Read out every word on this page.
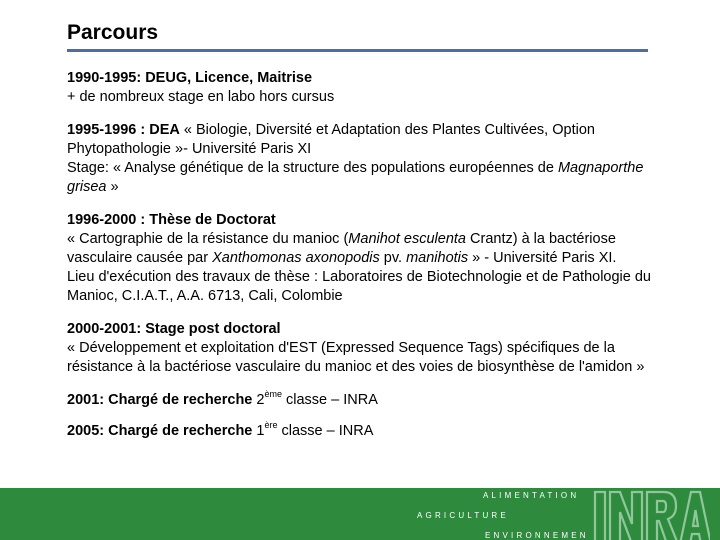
Parcours
1990-1995: DEUG, Licence, Maitrise
+ de nombreux stage en labo hors cursus
1995-1996 : DEA « Biologie, Diversité et Adaptation des Plantes Cultivées, Option Phytopathologie »- Université Paris XI
Stage: « Analyse génétique de la structure des populations européennes de Magnaporthe grisea »
1996-2000 : Thèse de Doctorat
« Cartographie de la résistance du manioc (Manihot esculenta Crantz) à la bactériose vasculaire causée par Xanthomonas axonopodis pv. manihotis » - Université Paris XI.
Lieu d'exécution des travaux de thèse : Laboratoires de Biotechnologie et de Pathologie du Manioc, C.I.A.T., A.A. 6713, Cali, Colombie
2000-2001: Stage post doctoral
« Développement et exploitation d'EST (Expressed Sequence Tags) spécifiques de la résistance à la bactériose vasculaire du manioc et des voies de biosynthèse de l'amidon »
2001: Chargé de recherche 2ème classe – INRA
2005: Chargé de recherche 1ère classe – INRA
ALIMENTATION
AGRICULTURE
ENVIRONNEMEN
